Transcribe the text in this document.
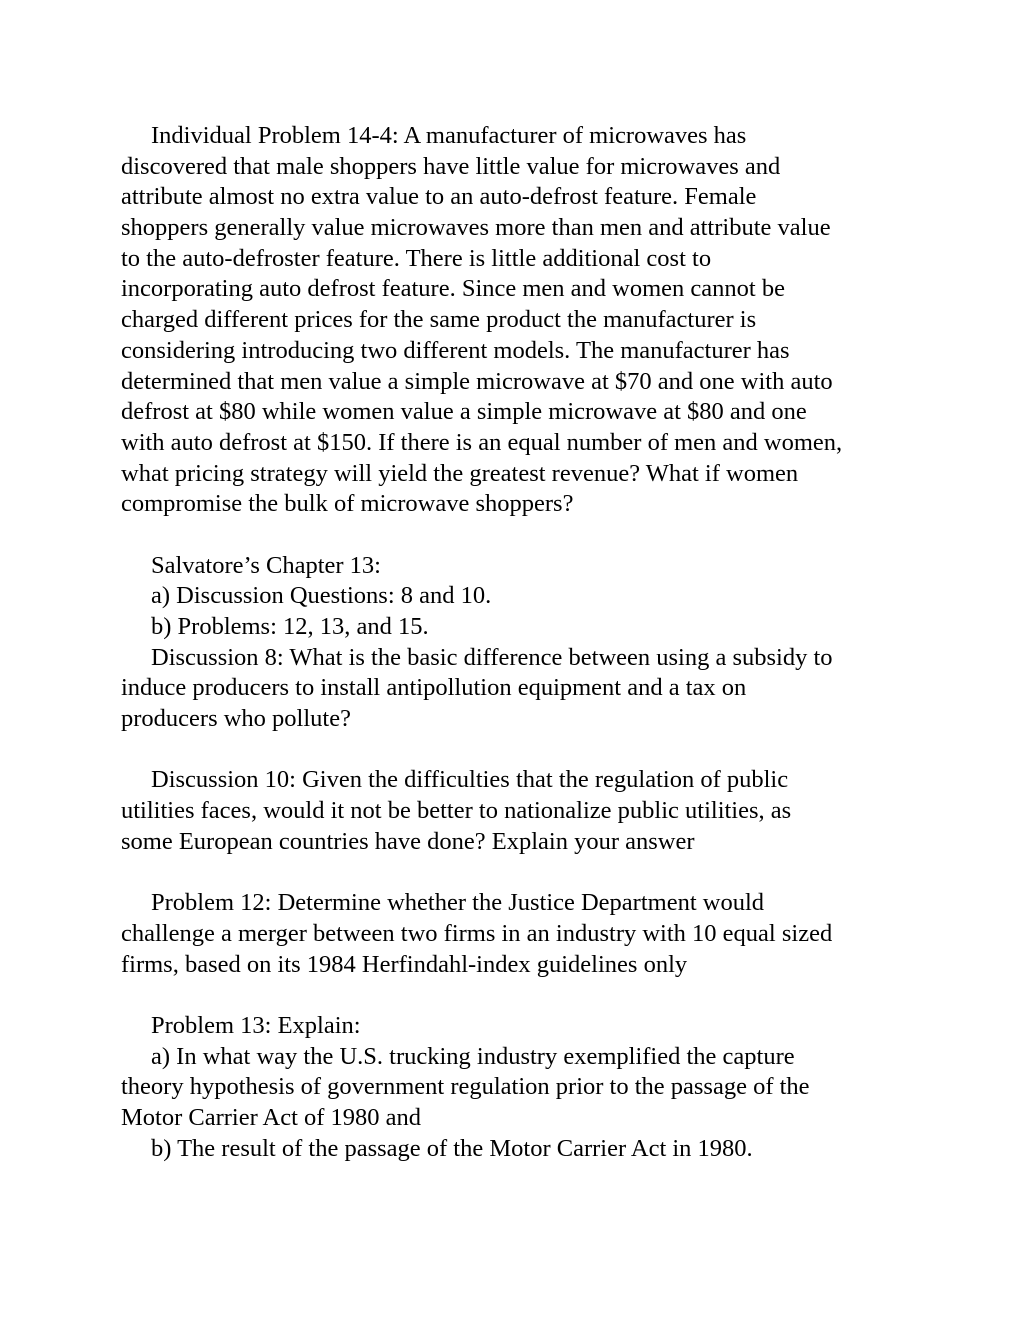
Individual Problem 14-4: A manufacturer of microwaves has
discovered that male shoppers have little value for microwaves and
attribute almost no extra value to an auto-defrost feature. Female
shoppers generally value microwaves more than men and attribute value
to the auto-defroster feature. There is little additional cost to
incorporating auto defrost feature. Since men and women cannot be
charged different prices for the same product the manufacturer is
considering introducing two different models. The manufacturer has
determined that men value a simple microwave at $70 and one with auto
defrost at $80 while women value a simple microwave at $80 and one
with auto defrost at $150. If there is an equal number of men and women,
what pricing strategy will yield the greatest revenue? What if women
compromise the bulk of microwave shoppers?
Salvatore’s Chapter 13:
a) Discussion Questions: 8 and 10.
b) Problems: 12, 13, and 15.
Discussion 8: What is the basic difference between using a subsidy to
induce producers to install antipollution equipment and a tax on
producers who pollute?
Discussion 10: Given the difficulties that the regulation of public
utilities faces, would it not be better to nationalize public utilities, as
some European countries have done? Explain your answer
Problem 12: Determine whether the Justice Department would
challenge a merger between two firms in an industry with 10 equal sized
firms, based on its 1984 Herfindahl-index guidelines only
Problem 13: Explain:
a) In what way the U.S. trucking industry exemplified the capture
theory hypothesis of government regulation prior to the passage of the
Motor Carrier Act of 1980 and
b) The result of the passage of the Motor Carrier Act in 1980.
